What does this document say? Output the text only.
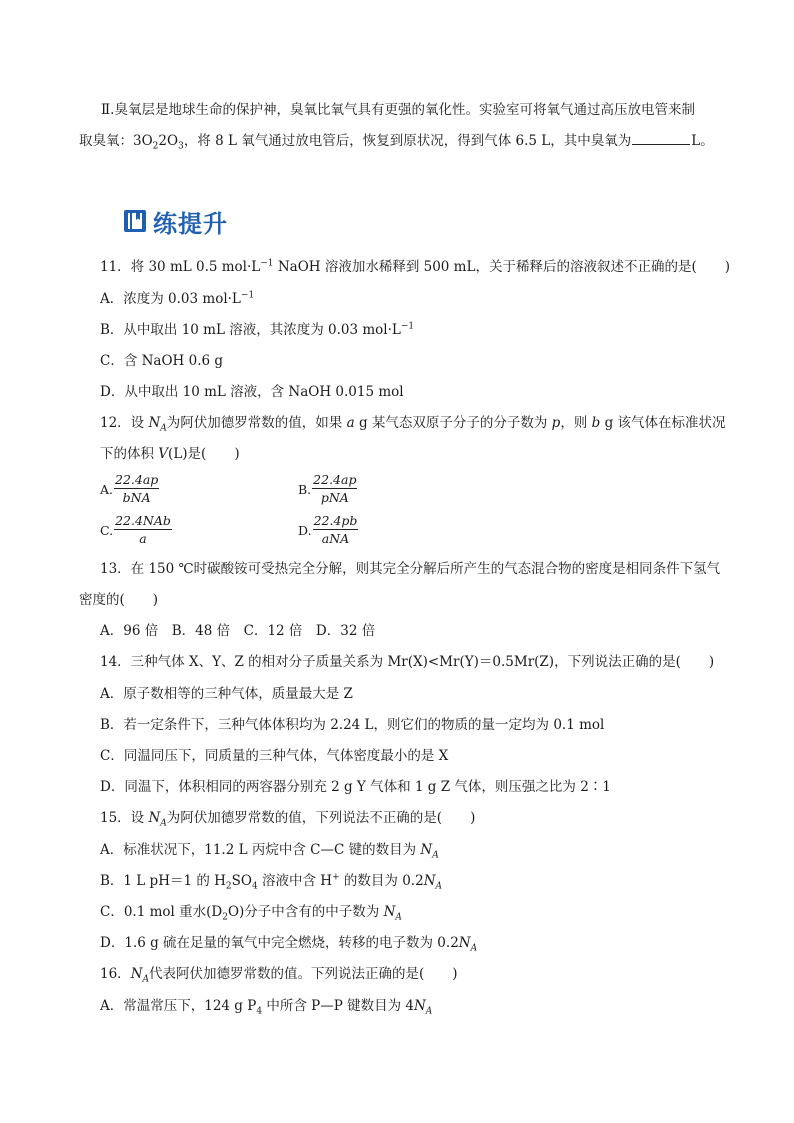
Ⅱ.臭氧层是地球生命的保护神，臭氧比氧气具有更强的氧化性。实验室可将氧气通过高压放电管来制
取臭氧：$3O_22O_3$，将 8 L 氧气通过放电管后，恢复到原状况，得到气体 6.5 L，其中臭氧为	L。
练提升
11．将 30 mL 0.5 $mol\cdot L^{-1}$ NaOH 溶液加水稀释到 500 mL，关于稀释后的溶液叙述不正确的是( )
A．浓度为 0.03 $mol\cdot L^{-1}$
B．从中取出 10 mL 溶液，其浓度为 0.03 $mol\cdot L^{-1}$
C．含 NaOH 0.6 g
D．从中取出 10 mL 溶液，含 NaOH 0.015 mol
12．设 $N_A$为阿伏加德罗常数的值，如果 a g 某气态双原子分子的分子数为 p，则 b g 该气体在标准状况
下的体积 V(L)是( )
A. $\frac{22.4ap}{\text{bNA}}$	B. $\frac{22.4ap}{\text{pNA}}$
C. $\frac{\text{22.4NAb}}{a}$	D. $\frac{22.4pb}{\text{aNA}}$
13．在 150 ℃时碳酸铵可受热完全分解，则其完全分解后所产生的气态混合物的密度是相同条件下氢气
密度的( )
A．96 倍　B．48 倍　C．12 倍　D．32 倍
14．三种气体 X、Y、Z 的相对分子质量关系为 Mr(X)<Mr(Y)＝0.5Mr(Z)，下列说法正确的是( )
A．原子数相等的三种气体，质量最大是 Z
B．若一定条件下，三种气体体积均为 2.24 L，则它们的物质的量一定均为 0.1 mol
C．同温同压下，同质量的三种气体，气体密度最小的是 X
D．同温下，体积相同的两容器分别充 2 g Y 气体和 1 g Z 气体，则压强之比为 2∶1
15．设 $N_A$为阿伏加德罗常数的值，下列说法不正确的是( )
A．标准状况下，11.2 L 丙烷中含 C—C 键的数目为 $N_A$
B．1 L pH＝1 的 $H_2SO_4$ 溶液中含 H+ 的数目为 $0.2N_A$
C．0.1 mol 重水$(D_2O)$分子中含有的中子数为 $N_A$
D．1.6 g 硫在足量的氧气中完全燃烧，转移的电子数为 $0.2N_A$
16．$N_A$代表阿伏加德罗常数的值。下列说法正确的是( )
A．常温常压下，124 g $P_4$ 中所含 P—P 键数目为 $4N_A$
